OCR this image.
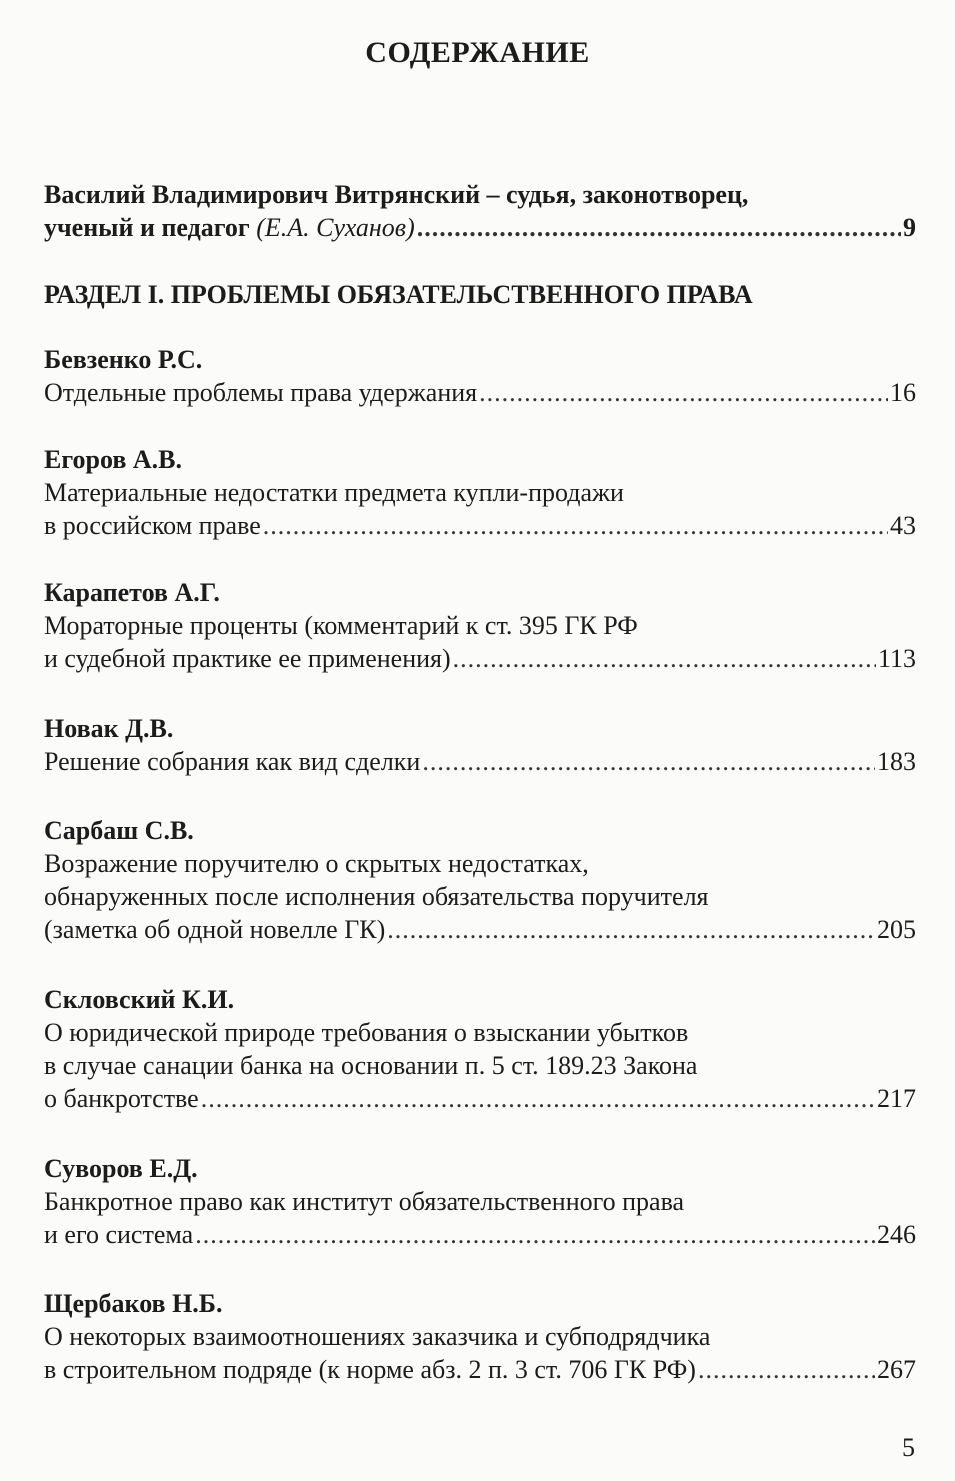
СОДЕРЖАНИЕ
Василий Владимирович Витрянский – судья, законотворец,
ученый и педагог (Е.А. Суханов) .....	9
РАЗДЕЛ I. ПРОБЛЕМЫ ОБЯЗАТЕЛЬСТВЕННОГО ПРАВА
Бевзенко Р.С.
Отдельные проблемы права удержания .....	16
Егоров А.В.
Материальные недостатки предмета купли-продажи
в российском праве .....	43
Карапетов А.Г.
Мораторные проценты (комментарий к ст. 395 ГК РФ
и судебной практике ее применения) .....	113
Новак Д.В.
Решение собрания как вид сделки .....	183
Сарбаш С.В.
Возражение поручителю о скрытых недостатках,
обнаруженных после исполнения обязательства поручителя
(заметка об одной новелле ГК) .....	205
Скловский К.И.
О юридической природе требования о взыскании убытков
в случае санации банка на основании п. 5 ст. 189.23 Закона
о банкротстве .....	217
Суворов Е.Д.
Банкротное право как институт обязательственного права
и его система .....	246
Щербаков Н.Б.
О некоторых взаимоотношениях заказчика и субподрядчика
в строительном подряде (к норме абз. 2 п. 3 ст. 706 ГК РФ) .....	267
5
